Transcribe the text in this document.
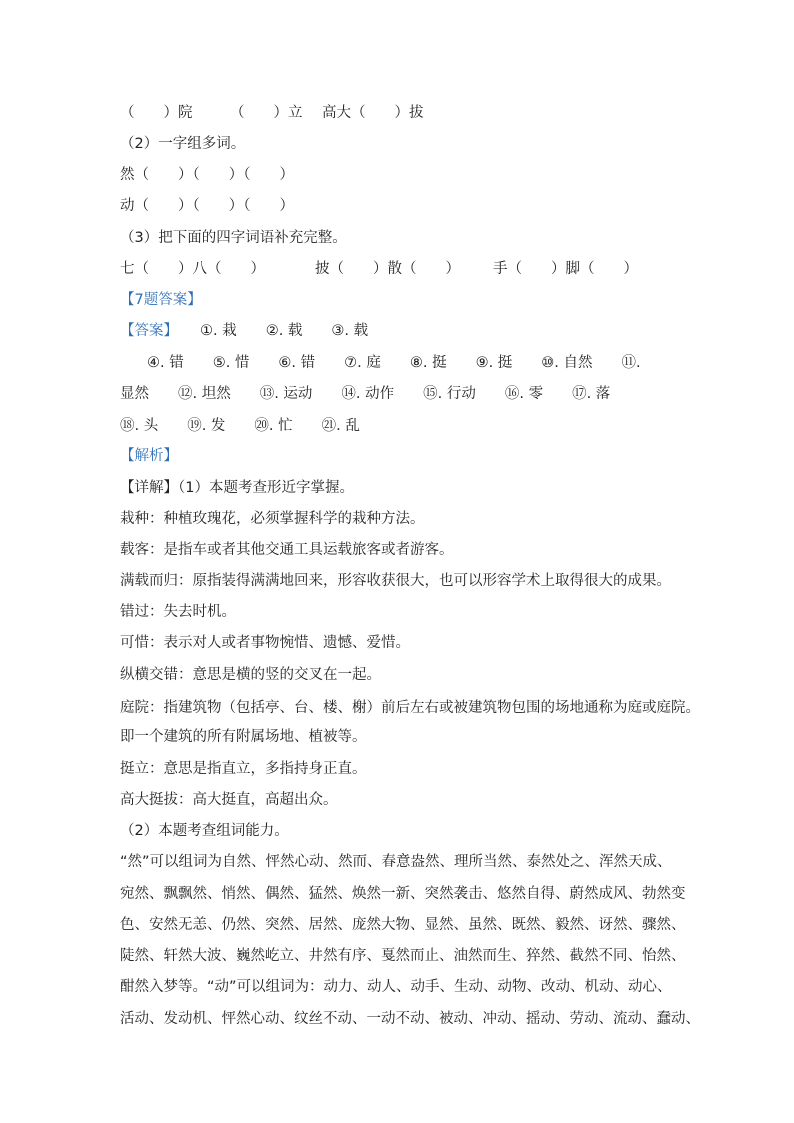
（　　）院	（　　）立 高大（　　）拔
（2）一字组多词。
然（　　）（　　）（　　）
动（　　）（　　）（　　）
（3）把下面的四字词语补充完整。
七（　　）八（　　）	披（　　）散（　　） 手（　　）脚（　　）
【7题答案】
【答案】 ①. 栽　　②. 载　　③. 载
④. 错　　⑤. 惜　　⑥. 错　　⑦. 庭　　⑧. 挺　　⑨. 挺　　⑩. 自然　　⑪.
显然　　⑫. 坦然　　⑬. 运动　　⑭. 动作　　⑮. 行动　　⑯. 零　　⑰. 落
⑱. 头　　⑲. 发　　⑳. 忙　　㉑. 乱
【解析】
【详解】（1）本题考查形近字掌握。
栽种：种植玫瑰花，必须掌握科学的栽种方法。
载客：是指车或者其他交通工具运载旅客或者游客。
满载而归：原指装得满满地回来，形容收获很大，也可以形容学术上取得很大的成果。
错过：失去时机。
可惜：表示对人或者事物惋惜、遗憾、爱惜。
纵横交错：意思是横的竖的交叉在一起。
庭院：指建筑物（包括亭、台、楼、榭）前后左右或被建筑物包围的场地通称为庭或庭院。
即一个建筑的所有附属场地、植被等。
挺立：意思是指直立，多指持身正直。
高大挺拔：高大挺直，高超出众。
（2）本题考查组词能力。
“然”可以组词为自然、怦然心动、然而、春意盎然、理所当然、泰然处之、浑然天成、
宛然、飘飘然、悄然、偶然、猛然、焕然一新、突然袭击、悠然自得、蔚然成风、勃然变
色、安然无恙、仍然、突然、居然、庞然大物、显然、虽然、既然、毅然、讶然、骤然、
陡然、轩然大波、巍然屹立、井然有序、戛然而止、油然而生、猝然、截然不同、怡然、
酣然入梦等。“动”可以组词为：动力、动人、动手、生动、动物、改动、机动、动心、
活动、发动机、怦然心动、纹丝不动、一动不动、被动、冲动、摇动、劳动、流动、蠢动、
